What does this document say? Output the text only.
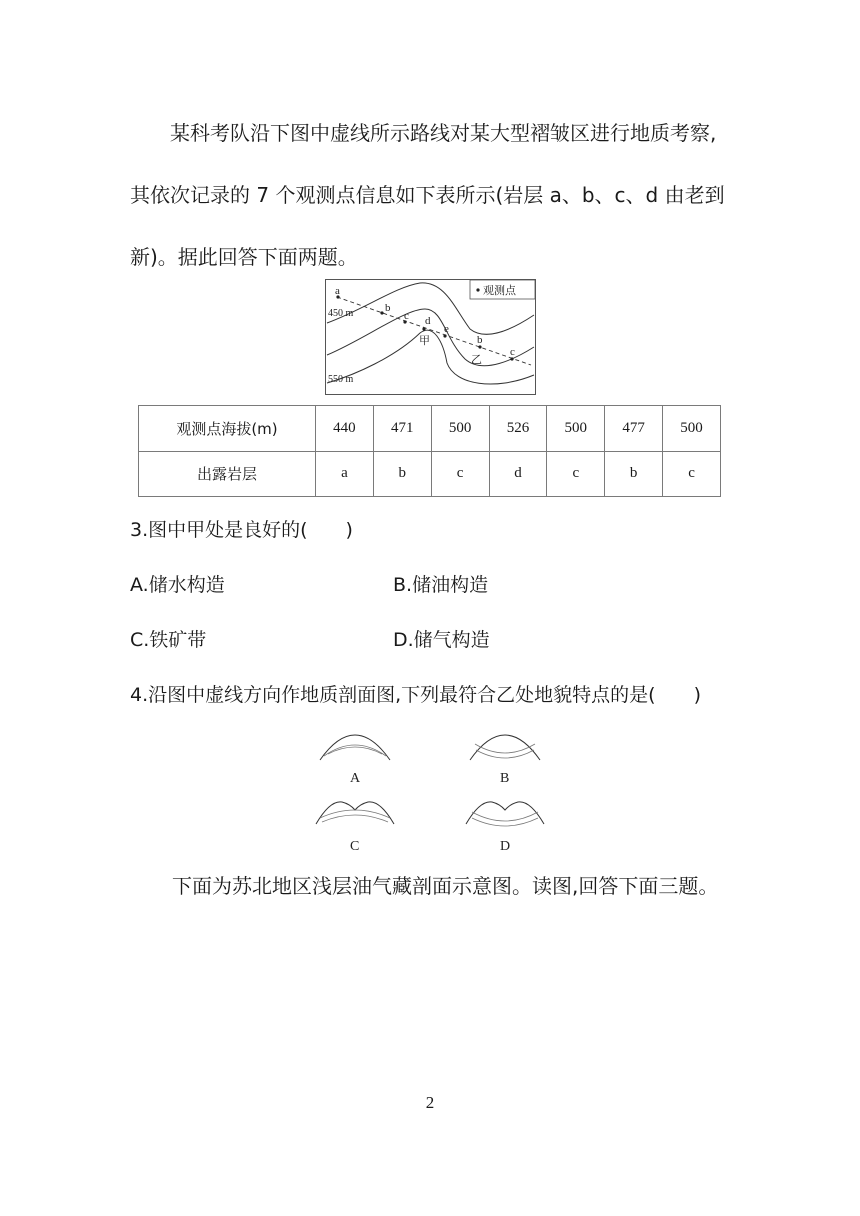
某科考队沿下图中虚线所示路线对某大型褶皱区进行地质考察,
其依次记录的 7 个观测点信息如下表所示(岩层 a、b、c、d 由老到
新)。据此回答下面两题。

观测点
a
b
c d
e
b
c
450 m
550 m
甲
乙
观测点海拔(m)	440	471	500	526	500	477	500
出露岩层	a	b	c	d	c	b	c
3.图中甲处是良好的(　　)
A.储水构造	B.储油构造
C.铁矿带	D.储气构造
4.沿图中虚线方向作地质剖面图,下列最符合乙处地貌特点的是(　　)
A	B
C	D
下面为苏北地区浅层油气藏剖面示意图。读图,回答下面三题。
2
